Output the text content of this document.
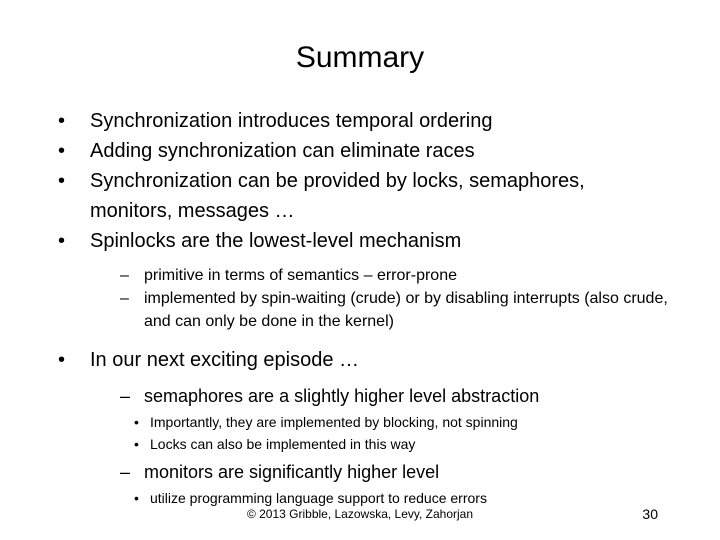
Summary
• Synchronization introduces temporal ordering
• Adding synchronization can eliminate races
• Synchronization can be provided by locks, semaphores, monitors, messages …
• Spinlocks are the lowest-level mechanism
– primitive in terms of semantics – error-prone
– implemented by spin-waiting (crude) or by disabling interrupts (also crude, and can only be done in the kernel)
• In our next exciting episode …
– semaphores are a slightly higher level abstraction
• Importantly, they are implemented by blocking, not spinning
• Locks can also be implemented in this way
– monitors are significantly higher level
• utilize programming language support to reduce errors
© 2013 Gribble, Lazowska, Levy, Zahorjan	30
